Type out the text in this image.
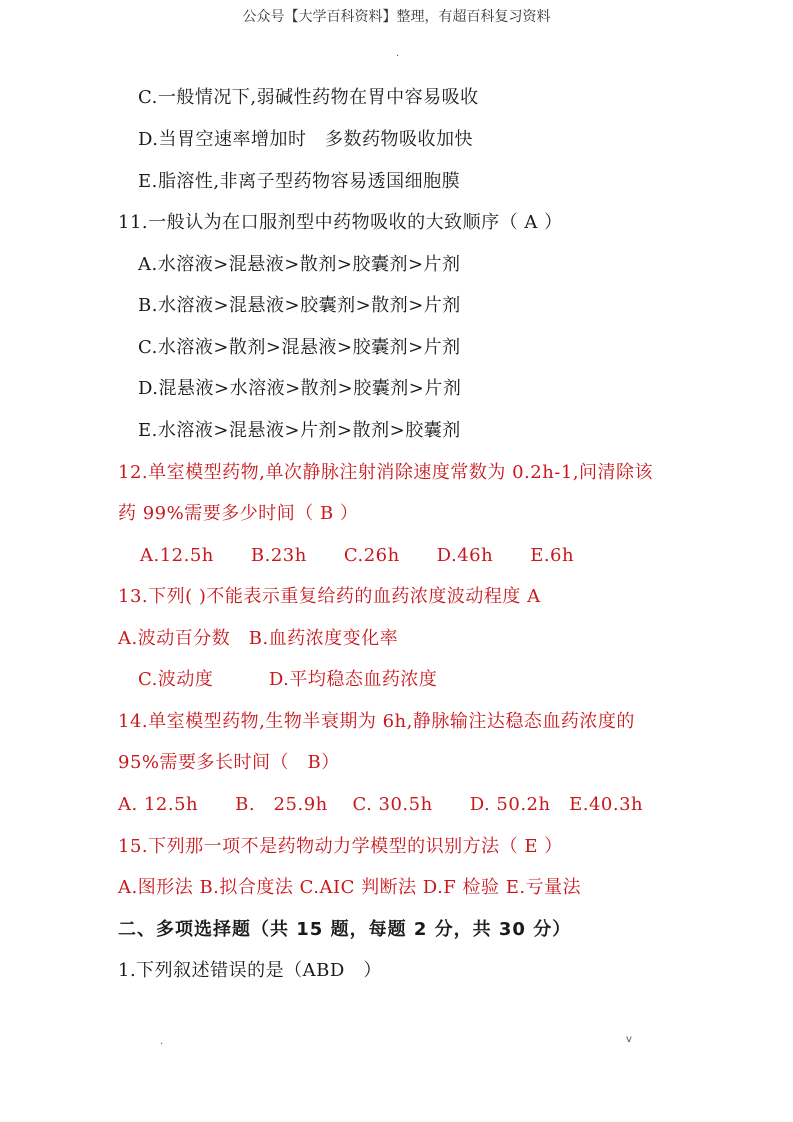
公众号【大学百科资料】整理，有超百科复习资料
.
C.一般情况下,弱碱性药物在胃中容易吸收
D.当胃空速率增加时　多数药物吸收加快
E.脂溶性,非离子型药物容易透国细胞膜
11.一般认为在口服剂型中药物吸收的大致顺序（ A ）
A.水溶液>混悬液>散剂>胶囊剂>片剂
B.水溶液>混悬液>胶囊剂>散剂>片剂
C.水溶液>散剂>混悬液>胶囊剂>片剂
D.混悬液>水溶液>散剂>胶囊剂>片剂
E.水溶液>混悬液>片剂>散剂>胶囊剂
12.单室模型药物,单次静脉注射消除速度常数为 0.2h-1,问清除该
药 99%需要多少时间（ B ）
A.12.5h　　B.23h　　C.26h　　D.46h　　E.6h
13.下列( )不能表示重复给药的血药浓度波动程度 A
A.波动百分数　B.血药浓度变化率
C.波动度　　　D.平均稳态血药浓度
14.单室模型药物,生物半衰期为 6h,静脉输注达稳态血药浓度的
95%需要多长时间（　B）
A. 12.5h　　B.　25.9h　 C. 30.5h　　D. 50.2h　E.40.3h
15.下列那一项不是药物动力学模型的识别方法（ E ）
A.图形法 B.拟合度法 C.AIC 判断法 D.F 检验 E.亏量法
二、多项选择题（共 15 题，每题 2 分，共 30 分）
1.下列叙述错误的是（ABD　）
.	v
